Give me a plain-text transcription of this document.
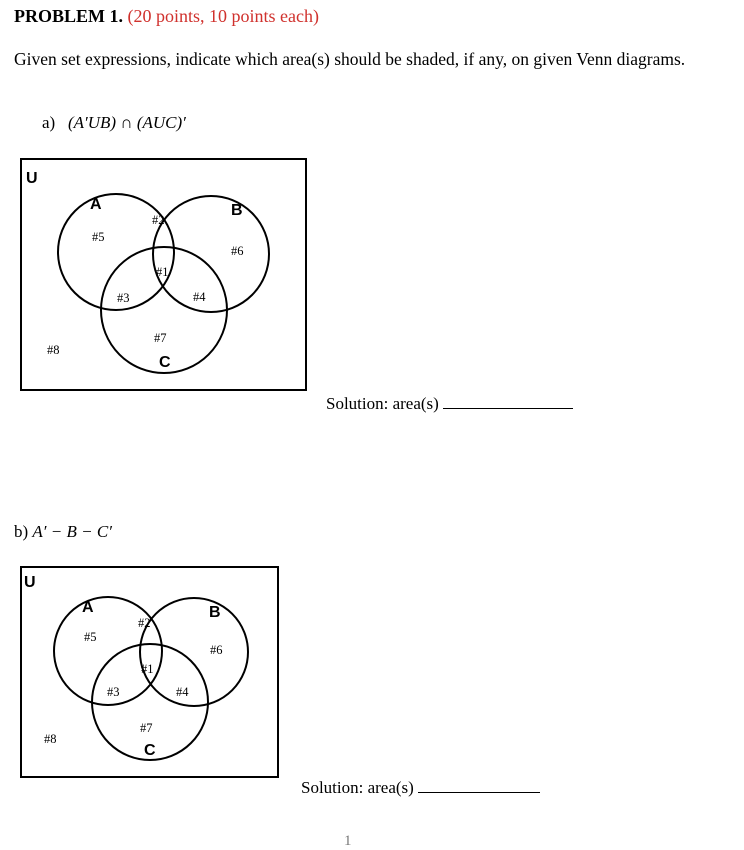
PROBLEM 1. (20 points, 10 points each)
Given set expressions, indicate which area(s) should be shaded, if any, on given Venn diagrams.
a) (A′UB) ∩ (AUC)′
U
A	B
C
#5
#2
#6
#1
#3	#4
#7
#8
Solution: area(s)
b) A′ − B − C′
U
A	B
C
#5
#2
#6
#1
#3	#4
#7
#8
Solution: area(s)
1
